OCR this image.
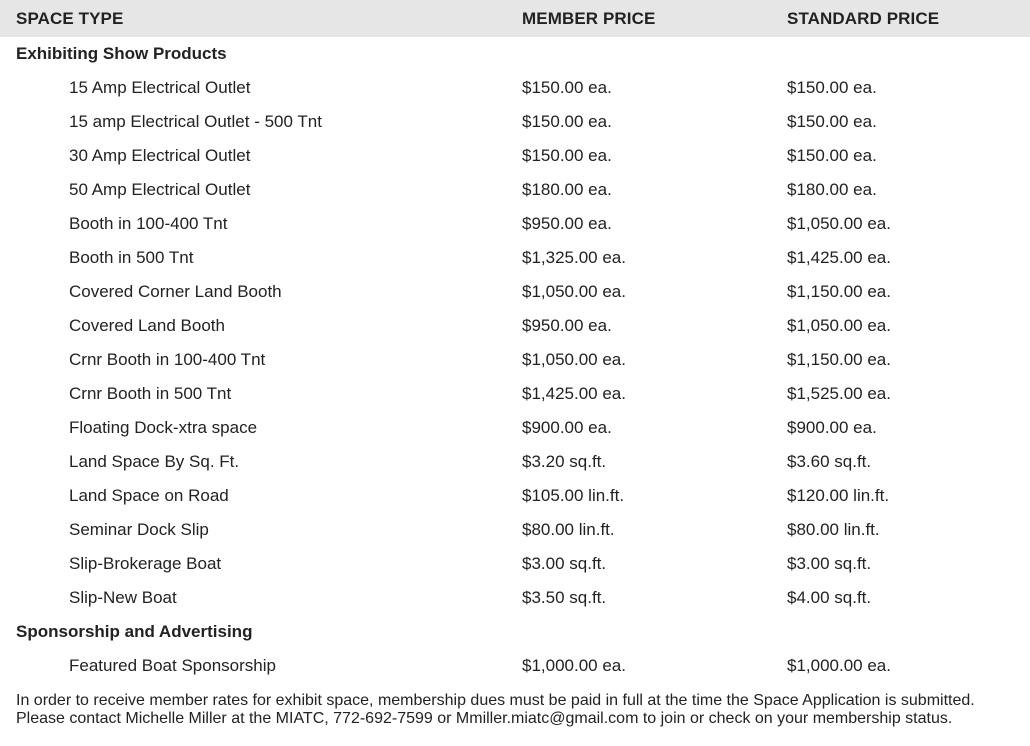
SPACE TYPE	MEMBER PRICE	STANDARD PRICE
Exhibiting Show Products		
15 Amp Electrical Outlet	$150.00 ea.	$150.00 ea.
15 amp Electrical Outlet - 500 Tnt	$150.00 ea.	$150.00 ea.
30 Amp Electrical Outlet	$150.00 ea.	$150.00 ea.
50 Amp Electrical Outlet	$180.00 ea.	$180.00 ea.
Booth in 100-400 Tnt	$950.00 ea.	$1,050.00 ea.
Booth in 500 Tnt	$1,325.00 ea.	$1,425.00 ea.
Covered Corner Land Booth	$1,050.00 ea.	$1,150.00 ea.
Covered Land Booth	$950.00 ea.	$1,050.00 ea.
Crnr Booth in 100-400 Tnt	$1,050.00 ea.	$1,150.00 ea.
Crnr Booth in 500 Tnt	$1,425.00 ea.	$1,525.00 ea.
Floating Dock-xtra space	$900.00 ea.	$900.00 ea.
Land Space By Sq. Ft.	$3.20 sq.ft.	$3.60 sq.ft.
Land Space on Road	$105.00 lin.ft.	$120.00 lin.ft.
Seminar Dock Slip	$80.00 lin.ft.	$80.00 lin.ft.
Slip-Brokerage Boat	$3.00 sq.ft.	$3.00 sq.ft.
Slip-New Boat	$3.50 sq.ft.	$4.00 sq.ft.
Sponsorship and Advertising		
Featured Boat Sponsorship	$1,000.00 ea.	$1,000.00 ea.

In order to receive member rates for exhibit space, membership dues must be paid in full at the time the Space Application is submitted. Please contact Michelle Miller at the MIATC, 772-692-7599 or Mmiller.miatc@gmail.com to join or check on your membership status.
